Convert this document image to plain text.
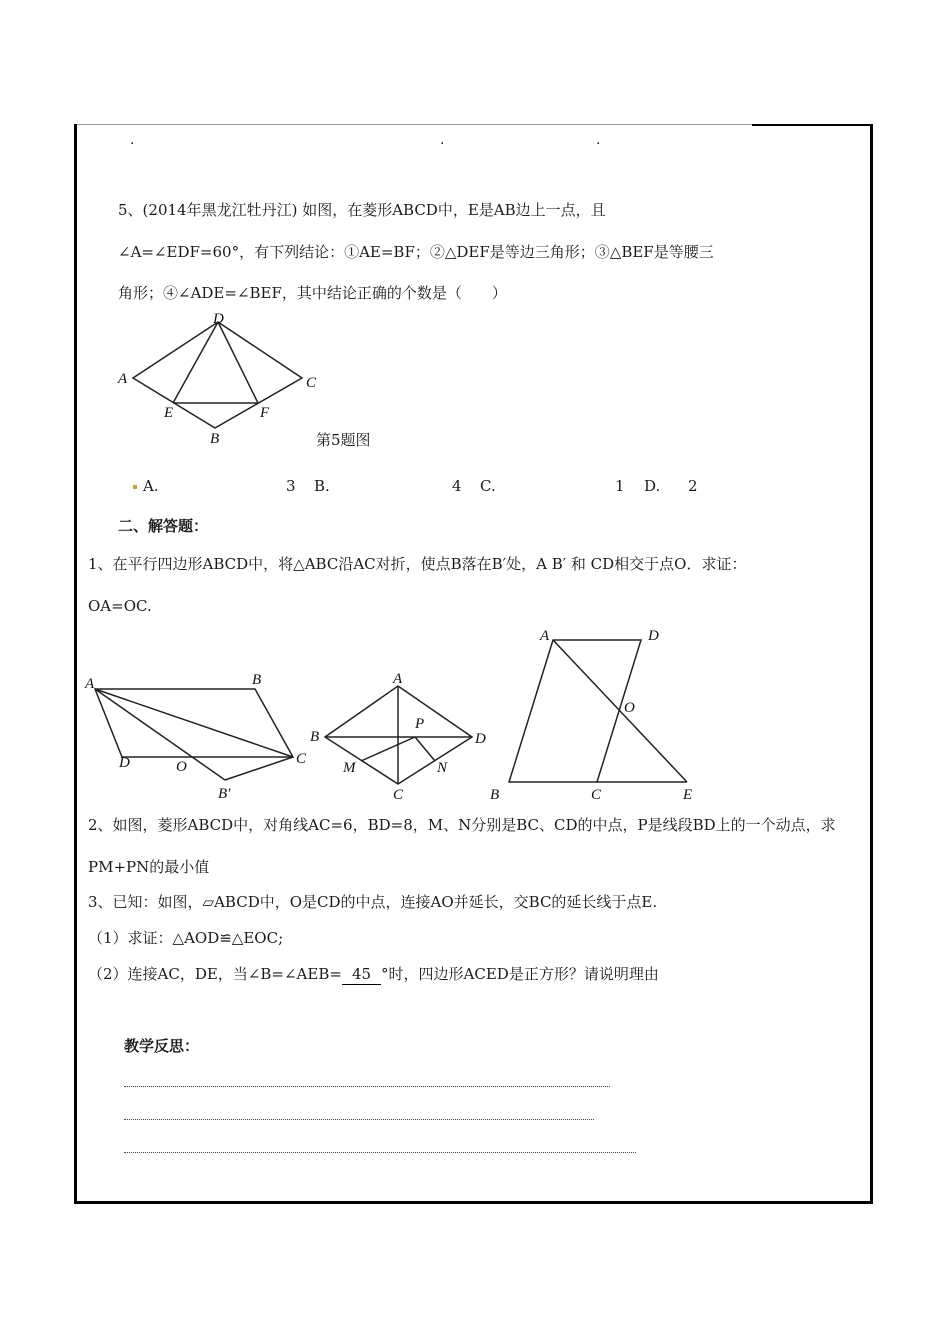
.	.	.
5、(2014年黑龙江牡丹江) 如图，在菱形ABCD中，E是AB边上一点，且
∠A=∠EDF=60°，有下列结论：①AE=BF；②△DEF是等边三角形；③△BEF是等腰三
角形；④∠ADE=∠BEF，其中结论正确的个数是（　　）
D
A	C
B
E	F
第5题图
A.	3 B.	4 C.	1 D. 2
二、解答题：
1、在平行四边形ABCD中，将△ABC沿AC对折，使点B落在B′处，A B′ 和 CD相交于点O．求证：
OA=OC.
A	B
C
D	O
B′
A
B	D
C
P
M	N
A	D
O
B	C	E
2、如图，菱形ABCD中，对角线AC=6，BD=8，M、N分别是BC、CD的中点，P是线段BD上的一个动点，求
PM+PN的最小值
3、已知：如图，▱ABCD中，O是CD的中点，连接AO并延长，交BC的延长线于点E.
（1）求证：△AOD≌△EOC;
（2）连接AC，DE，当∠B=∠AEB= 45 °时，四边形ACED是正方形？请说明理由
教学反思：
